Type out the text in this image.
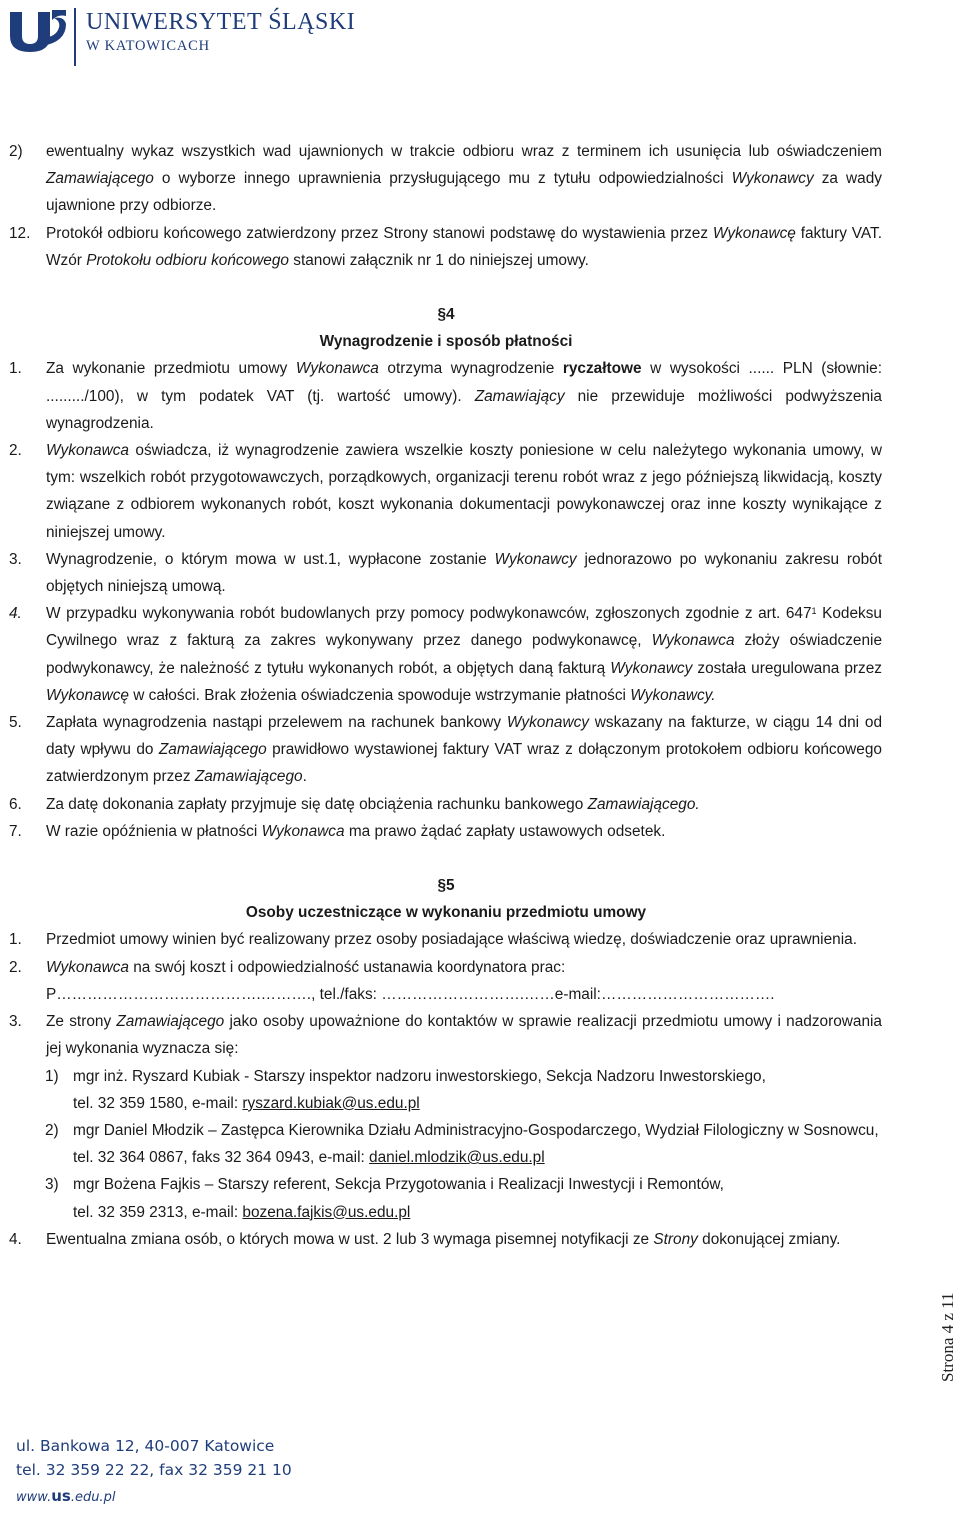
UNIWERSYTET ŚLĄSKI
W KATOWICACH
2) ewentualny wykaz wszystkich wad ujawnionych w trakcie odbioru wraz z terminem ich usunięcia lub oświadczeniem Zamawiającego o wyborze innego uprawnienia przysługującego mu z tytułu odpowiedzialności Wykonawcy za wady ujawnione przy odbiorze.
12. Protokół odbioru końcowego zatwierdzony przez Strony stanowi podstawę do wystawienia przez Wykonawcę faktury VAT. Wzór Protokołu odbioru końcowego stanowi załącznik nr 1 do niniejszej umowy.
§4
Wynagrodzenie i sposób płatności
1. Za wykonanie przedmiotu umowy Wykonawca otrzyma wynagrodzenie ryczałtowe w wysokości ...... PLN (słownie: ........./100), w tym podatek VAT (tj. wartość umowy). Zamawiający nie przewiduje możliwości podwyższenia wynagrodzenia.
2. Wykonawca oświadcza, iż wynagrodzenie zawiera wszelkie koszty poniesione w celu należytego wykonania umowy, w tym: wszelkich robót przygotowawczych, porządkowych, organizacji terenu robót wraz z jego późniejszą likwidacją, koszty związane z odbiorem wykonanych robót, koszt wykonania dokumentacji powykonawczej oraz inne koszty wynikające z niniejszej umowy.
3. Wynagrodzenie, o którym mowa w ust.1, wypłacone zostanie Wykonawcy jednorazowo po wykonaniu zakresu robót objętych niniejszą umową.
4. W przypadku wykonywania robót budowlanych przy pomocy podwykonawców, zgłoszonych zgodnie z art. $647^1$ Kodeksu Cywilnego wraz z fakturą za zakres wykonywany przez danego podwykonawcę, Wykonawca złoży oświadczenie podwykonawcy, że należność z tytułu wykonanych robót, a objętych daną fakturą Wykonawcy została uregulowana przez Wykonawcę w całości. Brak złożenia oświadczenia spowoduje wstrzymanie płatności Wykonawcy.
5. Zapłata wynagrodzenia nastąpi przelewem na rachunek bankowy Wykonawcy wskazany na fakturze, w ciągu 14 dni od daty wpływu do Zamawiającego prawidłowo wystawionej faktury VAT wraz z dołączonym protokołem odbioru końcowego zatwierdzonym przez Zamawiającego.
6. Za datę dokonania zapłaty przyjmuje się datę obciążenia rachunku bankowego Zamawiającego.
7. W razie opóźnienia w płatności Wykonawca ma prawo żądać zapłaty ustawowych odsetek.
§5
Osoby uczestniczące w wykonaniu przedmiotu umowy
1. Przedmiot umowy winien być realizowany przez osoby posiadające właściwą wiedzę, doświadczenie oraz uprawnienia.
2. Wykonawca na swój koszt i odpowiedzialność ustanawia koordynatora prac:
P………………………………….………., tel./faks: ……………………….……e-mail:…………………………….
3. Ze strony Zamawiającego jako osoby upoważnione do kontaktów w sprawie realizacji przedmiotu umowy i nadzorowania jej wykonania wyznacza się:
1) mgr inż. Ryszard Kubiak - Starszy inspektor nadzoru inwestorskiego, Sekcja Nadzoru Inwestorskiego,
tel. 32 359 1580, e-mail: ryszard.kubiak@us.edu.pl
2) mgr Daniel Młodzik – Zastępca Kierownika Działu Administracyjno-Gospodarczego, Wydział Filologiczny w Sosnowcu,
tel. 32 364 0867, faks 32 364 0943, e-mail: daniel.mlodzik@us.edu.pl
3) mgr Bożena Fajkis – Starszy referent, Sekcja Przygotowania i Realizacji Inwestycji i Remontów,
tel. 32 359 2313, e-mail: bozena.fajkis@us.edu.pl
4. Ewentualna zmiana osób, o których mowa w ust. 2 lub 3 wymaga pisemnej notyfikacji ze Strony dokonującej zmiany.
Strona 4 z 11
ul. Bankowa 12, 40-007 Katowice
tel. 32 359 22 22, fax 32 359 21 10
www.us.edu.pl
